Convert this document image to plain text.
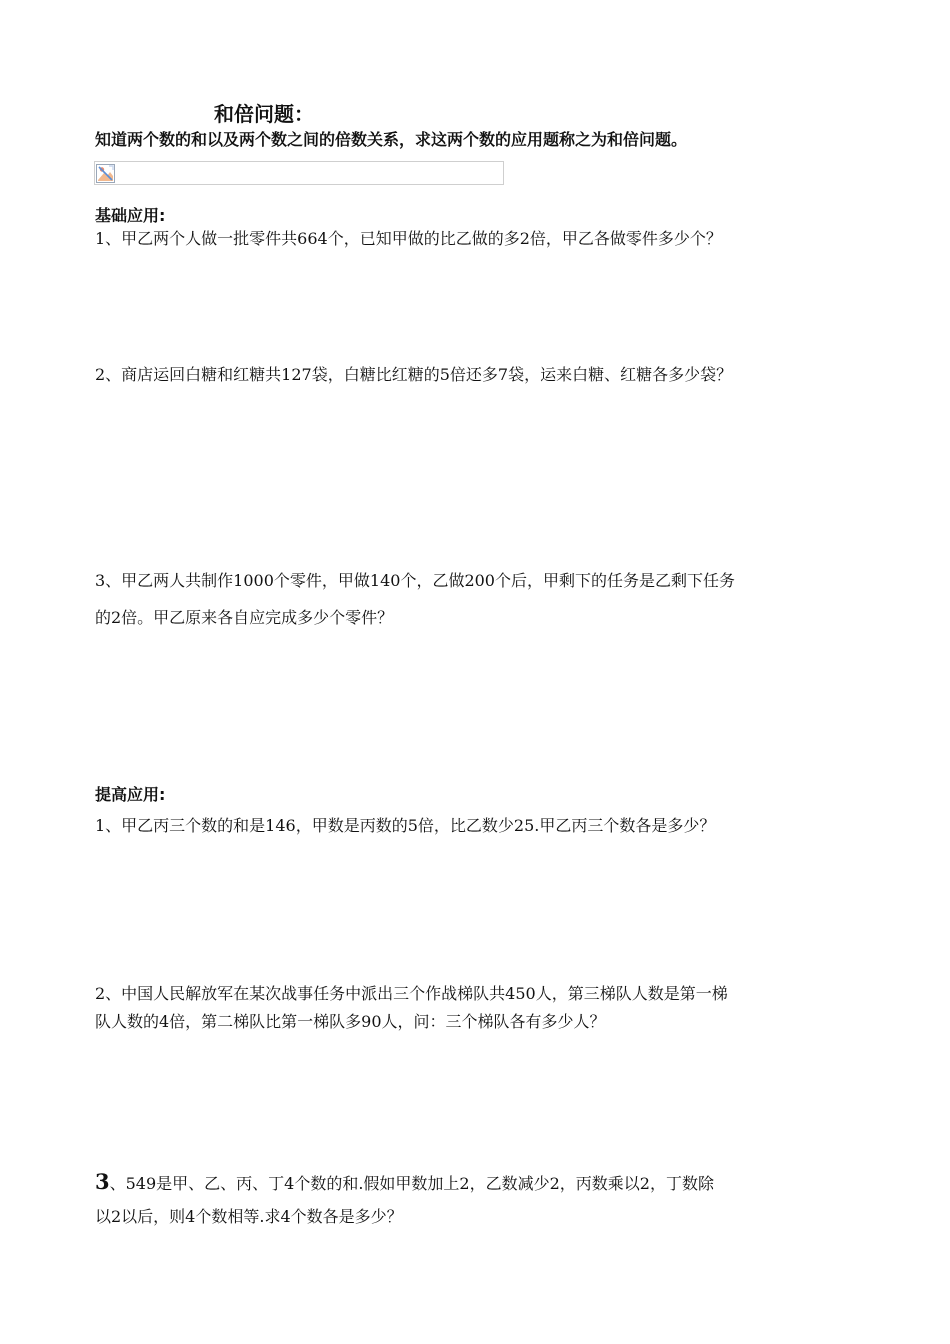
和倍问题：
知道两个数的和以及两个数之间的倍数关系，求这两个数的应用题称之为和倍问题。
基础应用:
1、甲乙两个人做一批零件共664个，已知甲做的比乙做的多2倍，甲乙各做零件多少个？
2、商店运回白糖和红糖共127袋，白糖比红糖的5倍还多7袋，运来白糖、红糖各多少袋？
3、甲乙两人共制作1000个零件，甲做140个，乙做200个后，甲剩下的任务是乙剩下任务
的2倍。甲乙原来各自应完成多少个零件？
提高应用:
1、甲乙丙三个数的和是146，甲数是丙数的5倍，比乙数少25.甲乙丙三个数各是多少？
2、中国人民解放军在某次战事任务中派出三个作战梯队共450人，第三梯队人数是第一梯
队人数的4倍，第二梯队比第一梯队多90人，问：三个梯队各有多少人？
3、549是甲、乙、丙、丁4个数的和.假如甲数加上2，乙数减少2，丙数乘以2，丁数除
以2以后，则4个数相等.求4个数各是多少？
